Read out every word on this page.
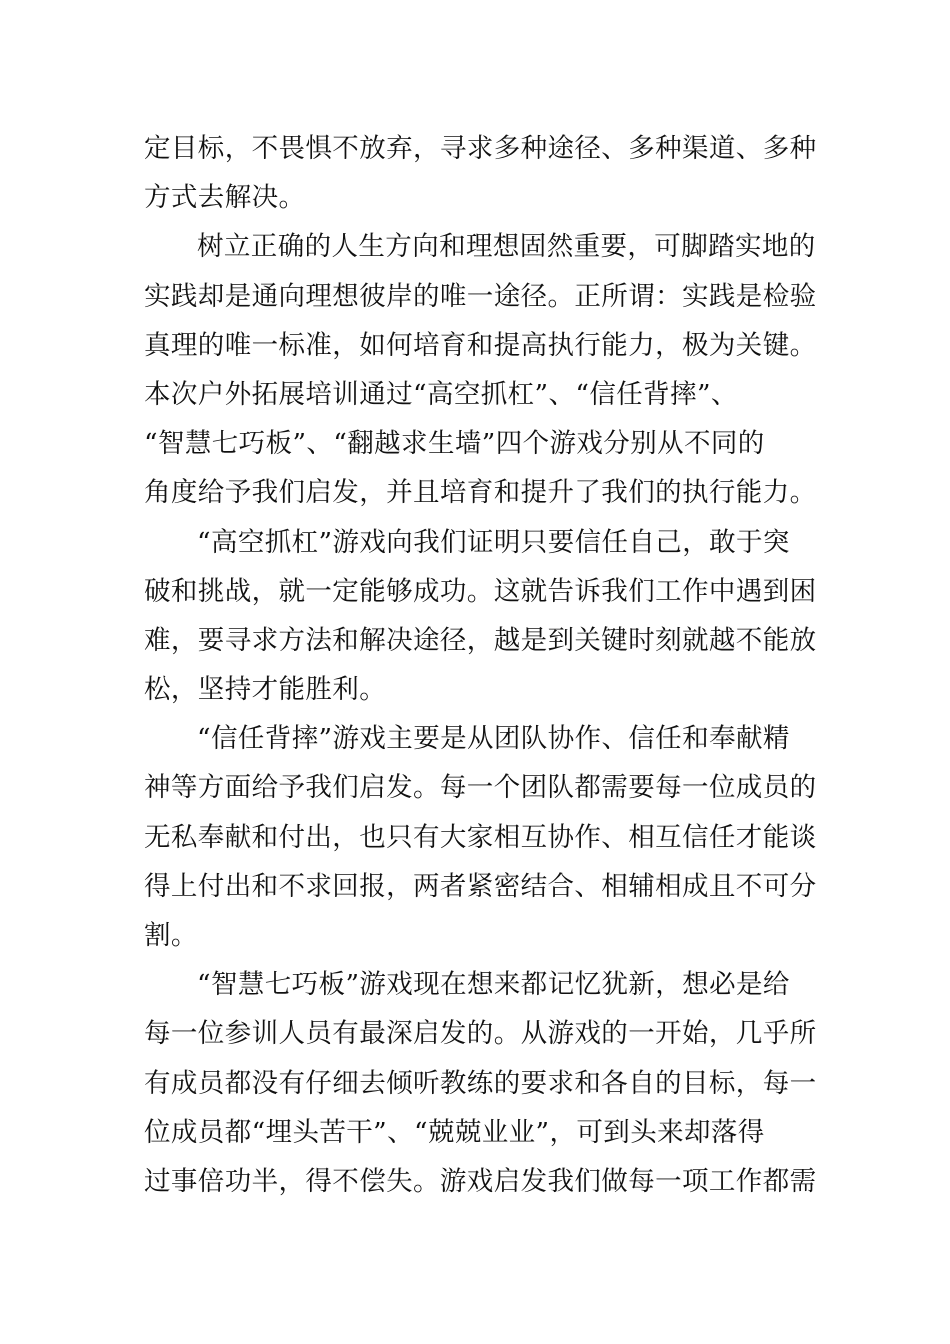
定目标，不畏惧不放弃，寻求多种途径、多种渠道、多种
方式去解决。
树立正确的人生方向和理想固然重要，可脚踏实地的
实践却是通向理想彼岸的唯一途径。正所谓：实践是检验
真理的唯一标准，如何培育和提高执行能力，极为关键。
本次户外拓展培训通过“高空抓杠”、“信任背摔”、
“智慧七巧板”、“翻越求生墙”四个游戏分别从不同的
角度给予我们启发，并且培育和提升了我们的执行能力。
“高空抓杠”游戏向我们证明只要信任自己，敢于突
破和挑战，就一定能够成功。这就告诉我们工作中遇到困
难，要寻求方法和解决途径，越是到关键时刻就越不能放
松，坚持才能胜利。
“信任背摔”游戏主要是从团队协作、信任和奉献精
神等方面给予我们启发。每一个团队都需要每一位成员的
无私奉献和付出，也只有大家相互协作、相互信任才能谈
得上付出和不求回报，两者紧密结合、相辅相成且不可分
割。
“智慧七巧板”游戏现在想来都记忆犹新，想必是给
每一位参训人员有最深启发的。从游戏的一开始，几乎所
有成员都没有仔细去倾听教练的要求和各自的目标，每一
位成员都“埋头苦干”、“兢兢业业”，可到头来却落得
过事倍功半，得不偿失。游戏启发我们做每一项工作都需
